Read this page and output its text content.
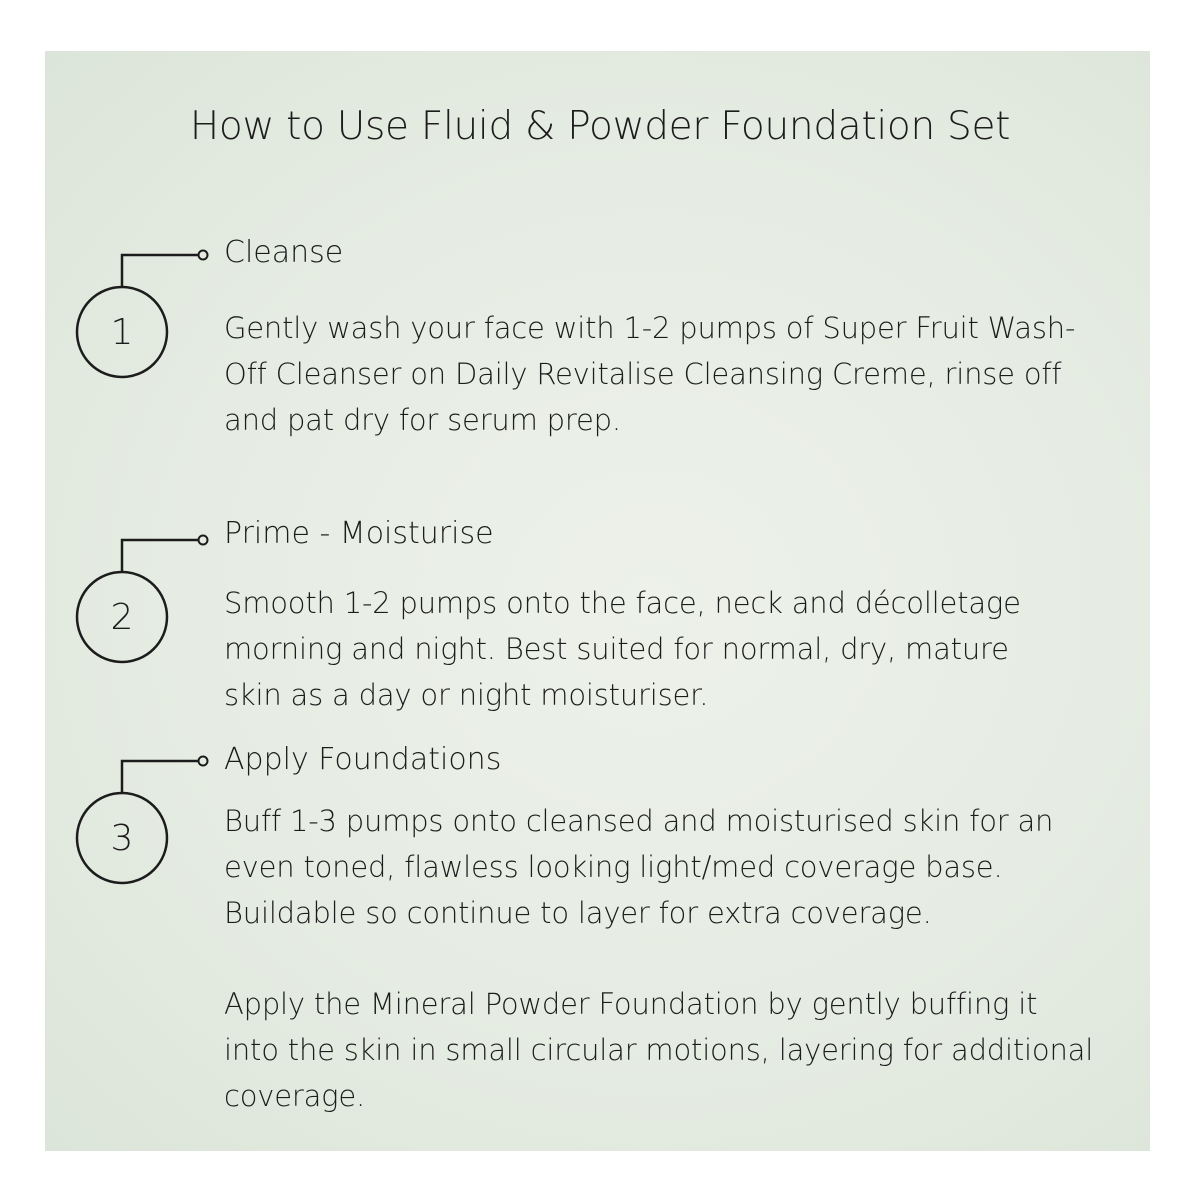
How to Use Fluid & Powder Foundation Set
1
Cleanse

Gently wash your face with 1-2 pumps of Super Fruit Wash-Off Cleanser on Daily Revitalise Cleansing Creme, rinse off and pat dry for serum prep.

2
Prime - Moisturise

Smooth 1-2 pumps onto the face, neck and décolletage morning and night. Best suited for normal, dry, mature skin as a day or night moisturiser.

3
Apply Foundations

Buff 1-3 pumps onto cleansed and moisturised skin for an even toned, flawless looking light/med coverage base. Buildable so continue to layer for extra coverage.

Apply the Mineral Powder Foundation by gently buffing it into the skin in small circular motions, layering for additional coverage.
